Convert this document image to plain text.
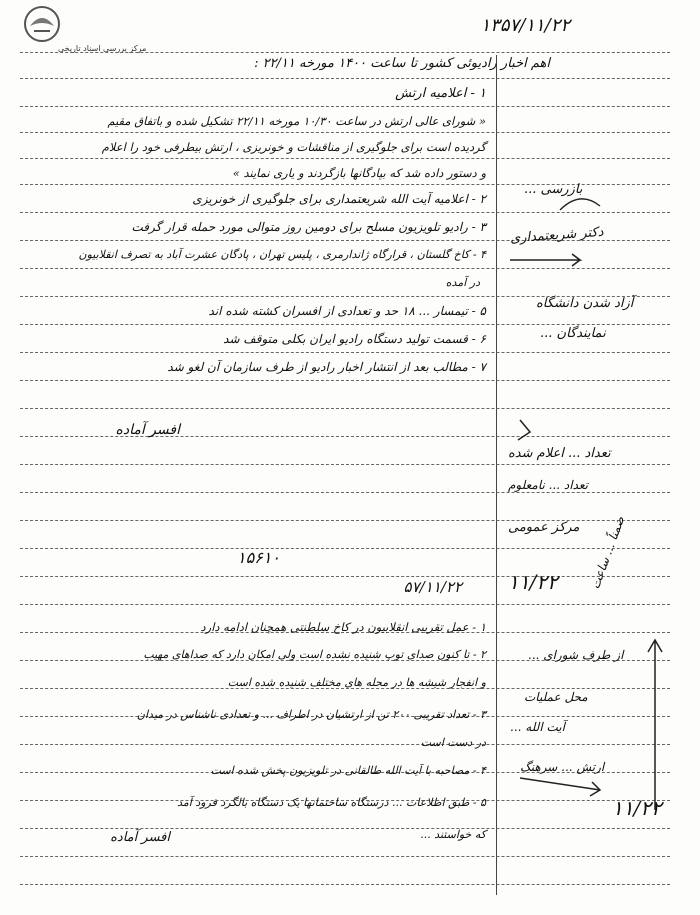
مرکز بررسی اسناد تاریخی
۱۳۵۷/۱۱/۲۲
اهم اخبار رادیوئی کشور تا ساعت ۱۴۰۰ مورخه ۲۲/۱۱ :
۱ - اعلامیه ارتش
« شورای عالی ارتش در ساعت ۱۰/۳۰ مورخه ۲۲/۱۱ تشکیل شده و باتفاق مقیم
گردیده است برای جلوگیری از مناقشات و خونریزی ، ارتش بیطرفی خود را اعلام
و دستور داده شد که بپادگانها بازگردند و یاری نمایند »
۲ - اعلامیه آیت الله شریعتمداری برای جلوگیری از خونریزی
۳ - رادیو تلویزیون مسلح برای دومین روز متوالی مورد حمله قرار گرفت
۴ - کاخ گلستان ، قرارگاه ژاندارمری ، پلیس تهران ، پادگان عشرت آباد به تصرف انقلابیون
در آمده
۵ - تیمسار ... ۱۸ حد و تعدادی از افسران کشته شده اند
۶ - قسمت تولید دستگاه رادیو ایران بکلی متوقف شد
۷ - مطالب بعد از انتشار اخبار رادیو از طرف سازمان آن لغو شد
افسر آماده
۱۵۶۱۰
۵۷/۱۱/۲۲
۱ - عمل تقریبی انقلابیون در کاخ سلطنتی همچنان ادامه دارد
۲ - تا کنون صدای توپ شنیده نشده است ولی امکان دارد که صداهای مهیب
و انفجار شیشه ها در محله های مختلف شنیده شده است
۳ - تعداد تقریبی ۲۰۰ تن از ارتشیان در اطراف ... و تعدادی ناشناس در میدان
در دست است
۴ - مصاحبه با آیت الله طالقانی در تلویزیون پخش شده است
۵ - طبق اطلاعات ... درستگاه ساختمانها یک دستگاه بالگرد فرود آمد
که خواستند ...
افسر آماده
بازرسی ...
دکتر شریعتمداری
آزاد شدن دانشگاه
نمایندگان ...
تعداد ... اعلام شده
مرکز عمومی
تعداد ... نامعلوم
۱۱/۲۲	ضمناً ... ساعت
از طرف شورای ...
محل عملیات
آیت الله ...
ارتش ... سرهنگ
۱۱/۲۲
